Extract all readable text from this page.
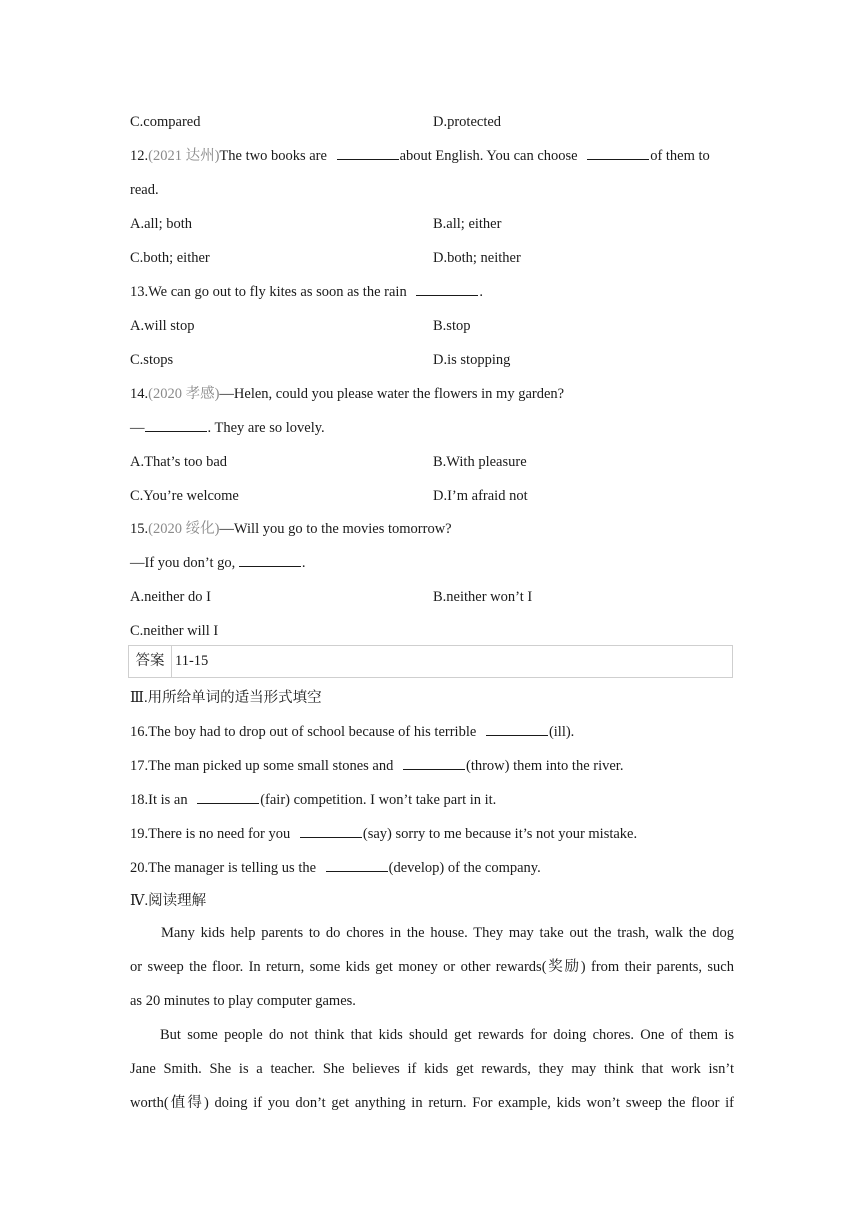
C.compared	D.protected
12.(2021 达州)The two books are	about English. You can choose	of them to
read.
A.all; both	B.all; either
C.both; either	D.both; neither
13.We can go out to fly kites as soon as the rain	.
A.will stop	B.stop
C.stops	D.is stopping
14.(2020 孝感)—Helen, could you please water the flowers in my garden?
—	. They are so lovely.
A.That’s too bad	B.With pleasure
C.You’re welcome	D.I’m afraid not
15.(2020 绥化)—Will you go to the movies tomorrow?
—If you don’t go,	.
A.neither do I	B.neither won’t I
C.neither will I
答案 11-15
Ⅲ.用所给单词的适当形式填空
16.The boy had to drop out of school because of his terrible	(ill).
17.The man picked up some small stones and	(throw) them into the river.
18.It is an	(fair) competition. I won’t take part in it.
19.There is no need for you	(say) sorry to me because it’s not your mistake.
20.The manager is telling us the	(develop) of the company.
Ⅳ.阅读理解
Many kids help parents to do chores in the house. They may take out the trash, walk the dog
or sweep the floor. In return, some kids get money or other rewards(奖励) from their parents, such
as 20 minutes to play computer games.
But some people do not think that kids should get rewards for doing chores. One of them is
Jane Smith. She is a teacher. She believes if kids get rewards, they may think that work isn’t
worth(值得) doing if you don’t get anything in return. For example, kids won’t sweep the floor if
